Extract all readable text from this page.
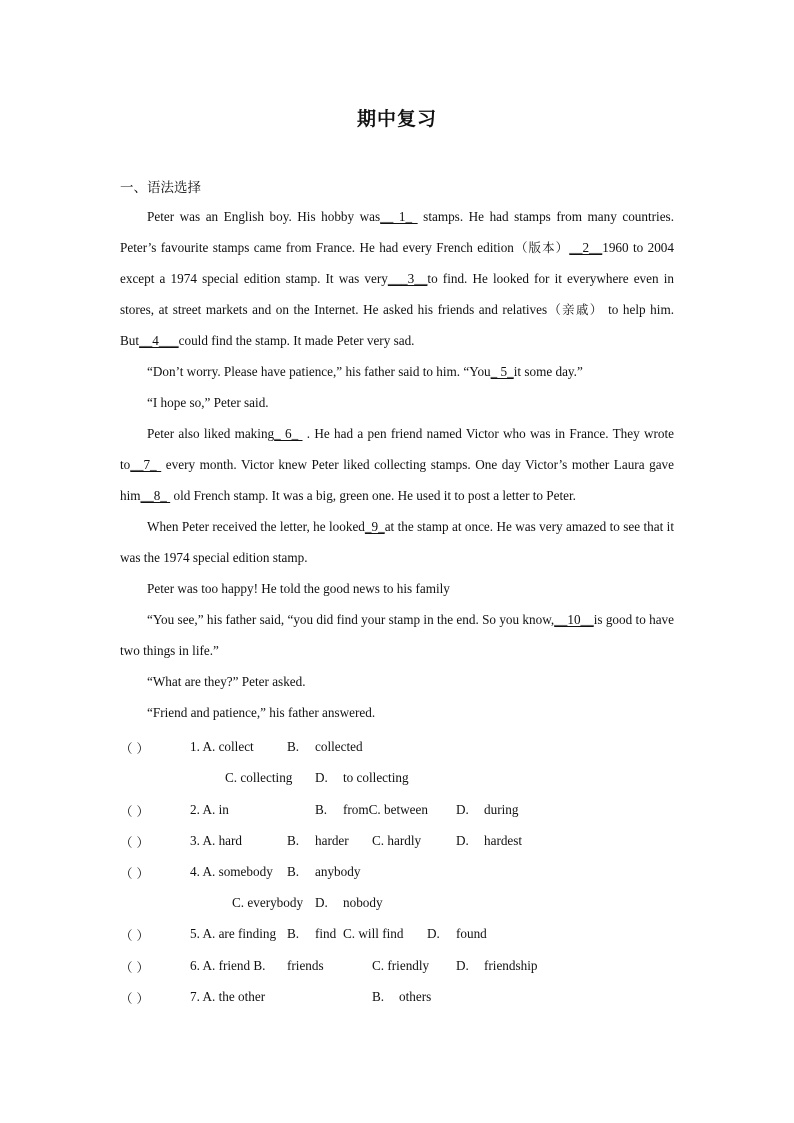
期中复习
一、语法选择

Peter was an English boy. His hobby was__ 1_  stamps. He had stamps from many countries. Peter’s favourite stamps came from France. He had every French edition（版本）__2__1960 to 2004 except a 1974 special edition stamp. It was very___3__to find. He looked for it everywhere even in stores, at street markets and on the Internet. He asked his friends and relatives（亲戚） to help him. But__4___could find the stamp. It made Peter very sad.

“Don’t worry. Please have patience,” his father said to him. “You_ 5_it some day.”

“I hope so,” Peter said.

Peter also liked making_ 6_  . He had a pen friend named Victor who was in France. They wrote to__7_  every month. Victor knew Peter liked collecting stamps. One day Victor’s mother Laura gave him__8_  old French stamp. It was a big, green one. He used it to post a letter to Peter.

When Peter received the letter, he looked_9_at the stamp at once. He was very amazed to see that it was the 1974 special edition stamp.

Peter was too happy! He told the good news to his family

“You see,” his father said, “you did find your stamp in the end. So you know,__10__is good to have two things in life.”

“What are they?” Peter asked.

“Friend and patience,” his father answered.

（ ）	1. A. collect	B. collected
C. collecting D. to collecting
（ ）	2. A. in	B. fromC. between D. during
（ ）	3. A. hard	B. harder C. hardly	D. hardest
（ ）	4. A. somebody B. anybody
C. everybody D. nobody
（ ）	5. A. are finding B. find C. will find D. found
（ ）	6. A. friend B. friends	C. friendly D. friendship
（ ）	7. A. the other	B. others
